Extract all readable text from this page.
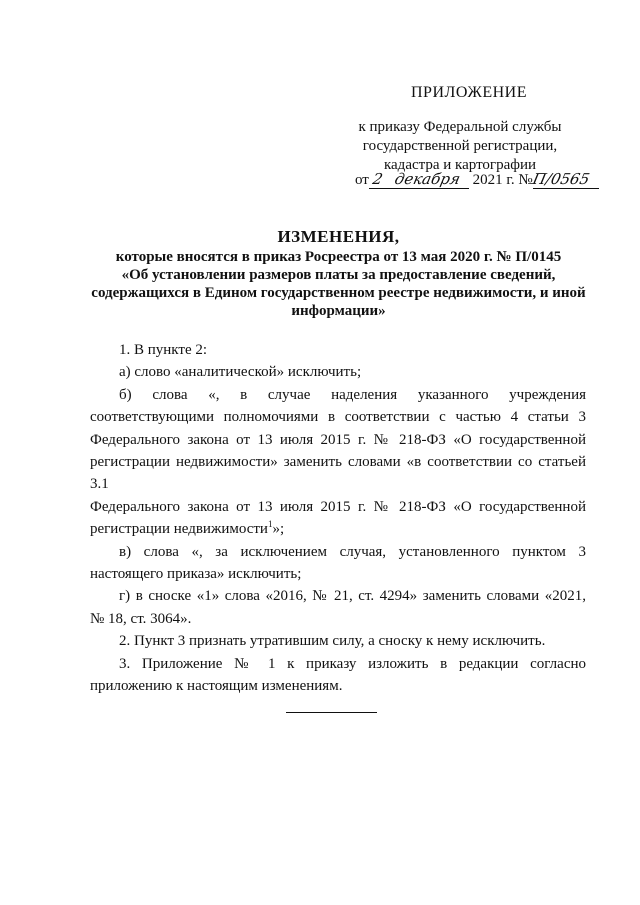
ПРИЛОЖЕНИЕ
к приказу Федеральной службы
государственной регистрации,
кадастра и картографии
от 2 декабря 2021 г. №П/0565
ИЗМЕНЕНИЯ,
которые вносятся в приказ Росреестра от 13 мая 2020 г. № П/0145
«Об установлении размеров платы за предоставление сведений,
содержащихся в Едином государственном реестре недвижимости, и иной
информации»
1. В пункте 2:
а) слово «аналитической» исключить;
б) слова «, в случае наделения указанного учреждения
соответствующими полномочиями в соответствии с частью 4 статьи 3
Федерального закона от 13 июля 2015 г. № 218-ФЗ «О государственной
регистрации недвижимости» заменить словами «в соответствии со статьей 3.1
Федерального закона от 13 июля 2015 г. № 218-ФЗ «О государственной
регистрации недвижимости$^1$»;
в) слова «, за исключением случая, установленного пунктом 3
настоящего приказа» исключить;
г) в сноске «1» слова «2016, № 21, ст. 4294» заменить словами «2021,
№ 18, ст. 3064».
2. Пункт 3 признать утратившим силу, а сноску к нему исключить.
3. Приложение № 1 к приказу изложить в редакции согласно
приложению к настоящим изменениям.
